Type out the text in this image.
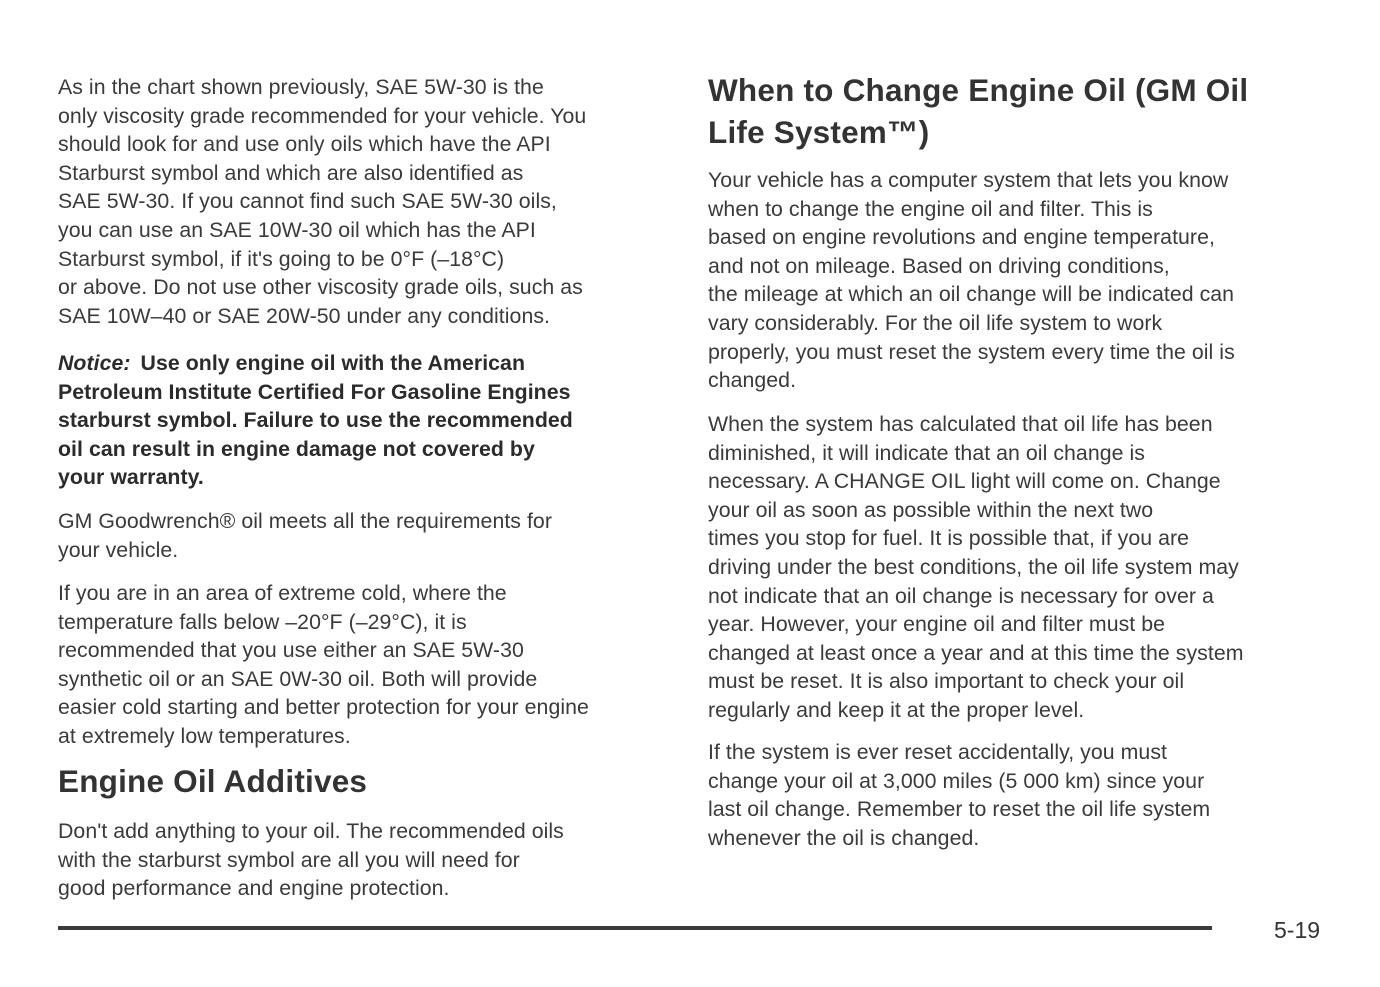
As in the chart shown previously, SAE 5W-30 is the
only viscosity grade recommended for your vehicle. You
should look for and use only oils which have the API
Starburst symbol and which are also identified as
SAE 5W-30. If you cannot find such SAE 5W-30 oils,
you can use an SAE 10W-30 oil which has the API
Starburst symbol, if it's going to be 0°F (–18°C)
or above. Do not use other viscosity grade oils, such as
SAE 10W–40 or SAE 20W-50 under any conditions.

Notice: Use only engine oil with the American
Petroleum Institute Certified For Gasoline Engines
starburst symbol. Failure to use the recommended
oil can result in engine damage not covered by
your warranty.

GM Goodwrench® oil meets all the requirements for
your vehicle.

If you are in an area of extreme cold, where the
temperature falls below –20°F (–29°C), it is
recommended that you use either an SAE 5W-30
synthetic oil or an SAE 0W-30 oil. Both will provide
easier cold starting and better protection for your engine
at extremely low temperatures.

Engine Oil Additives

Don't add anything to your oil. The recommended oils
with the starburst symbol are all you will need for
good performance and engine protection.

When to Change Engine Oil (GM Oil
Life System™)

Your vehicle has a computer system that lets you know
when to change the engine oil and filter. This is
based on engine revolutions and engine temperature,
and not on mileage. Based on driving conditions,
the mileage at which an oil change will be indicated can
vary considerably. For the oil life system to work
properly, you must reset the system every time the oil is
changed.

When the system has calculated that oil life has been
diminished, it will indicate that an oil change is
necessary. A CHANGE OIL light will come on. Change
your oil as soon as possible within the next two
times you stop for fuel. It is possible that, if you are
driving under the best conditions, the oil life system may
not indicate that an oil change is necessary for over a
year. However, your engine oil and filter must be
changed at least once a year and at this time the system
must be reset. It is also important to check your oil
regularly and keep it at the proper level.

If the system is ever reset accidentally, you must
change your oil at 3,000 miles (5 000 km) since your
last oil change. Remember to reset the oil life system
whenever the oil is changed.

5-19
